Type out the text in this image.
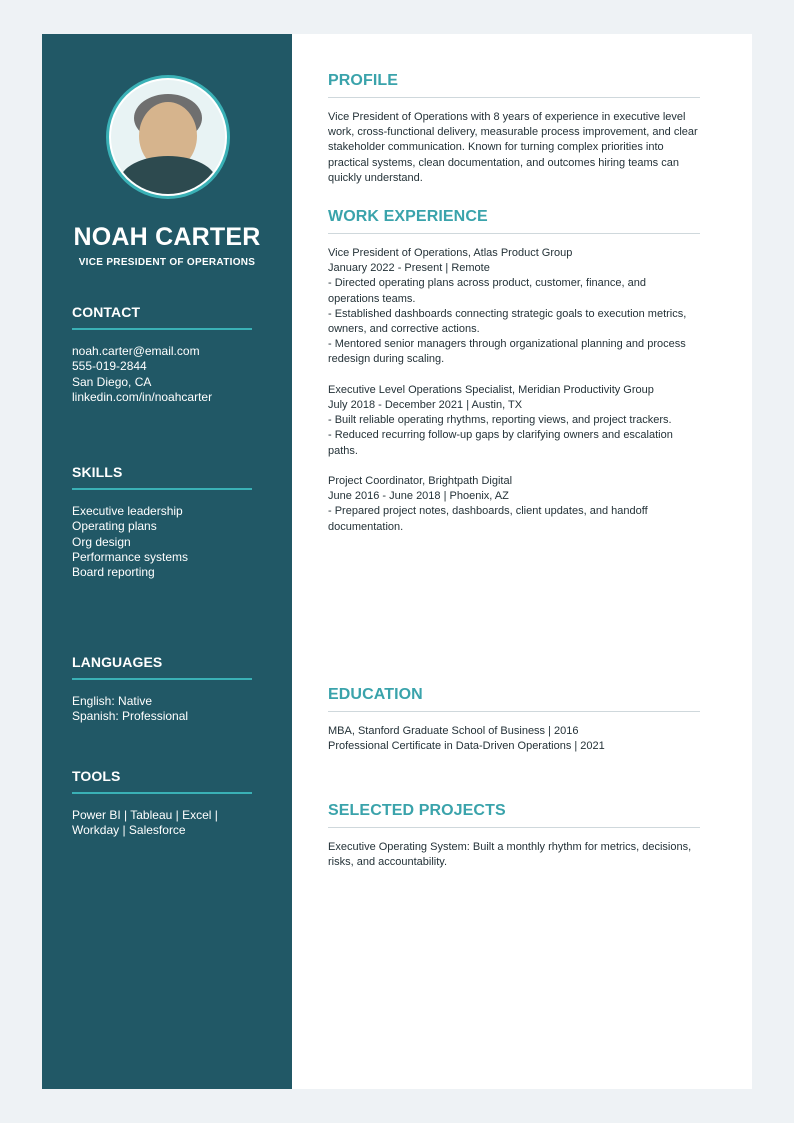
NOAH CARTER
VICE PRESIDENT OF OPERATIONS
CONTACT
noah.carter@email.com
555-019-2844
San Diego, CA
linkedin.com/in/noahcarter
SKILLS
Executive leadership
Operating plans
Org design
Performance systems
Board reporting
LANGUAGES
English: Native
Spanish: Professional
TOOLS
Power BI | Tableau | Excel |
Workday | Salesforce
PROFILE
Vice President of Operations with 8 years of experience in executive level work, cross-functional delivery, measurable process improvement, and clear stakeholder communication. Known for turning complex priorities into practical systems, clean documentation, and outcomes hiring teams can quickly understand.
WORK EXPERIENCE
Vice President of Operations, Atlas Product Group
January 2022 - Present | Remote
- Directed operating plans across product, customer, finance, and operations teams.
- Established dashboards connecting strategic goals to execution metrics, owners, and corrective actions.
- Mentored senior managers through organizational planning and process redesign during scaling.
Executive Level Operations Specialist, Meridian Productivity Group
July 2018 - December 2021 | Austin, TX
- Built reliable operating rhythms, reporting views, and project trackers.
- Reduced recurring follow-up gaps by clarifying owners and escalation paths.
Project Coordinator, Brightpath Digital
June 2016 - June 2018 | Phoenix, AZ
- Prepared project notes, dashboards, client updates, and handoff documentation.
EDUCATION
MBA, Stanford Graduate School of Business | 2016
Professional Certificate in Data-Driven Operations | 2021
SELECTED PROJECTS
Executive Operating System: Built a monthly rhythm for metrics, decisions, risks, and accountability.
